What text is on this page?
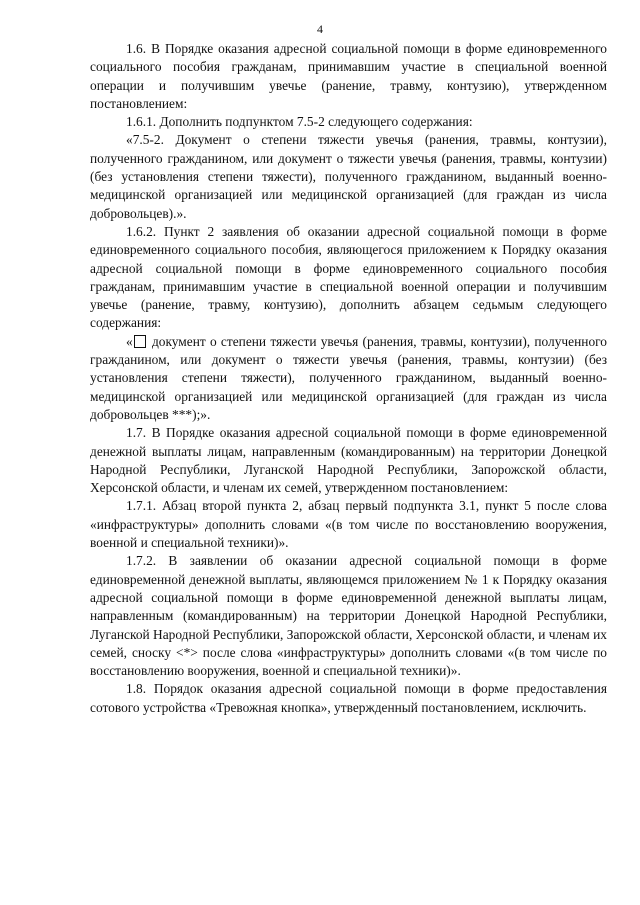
4

1.6. В Порядке оказания адресной социальной помощи в форме единовременного социального пособия гражданам, принимавшим участие в специальной военной операции и получившим увечье (ранение, травму, контузию), утвержденном постановлением:

1.6.1. Дополнить подпунктом 7.5-2 следующего содержания:

«7.5-2. Документ о степени тяжести увечья (ранения, травмы, контузии), полученного гражданином, или документ о тяжести увечья (ранения, травмы, контузии) (без установления степени тяжести), полученного гражданином, выданный военно-медицинской организацией или медицинской организацией (для граждан из числа добровольцев).».

1.6.2. Пункт 2 заявления об оказании адресной социальной помощи в форме единовременного социального пособия, являющегося приложением к Порядку оказания адресной социальной помощи в форме единовременного социального пособия гражданам, принимавшим участие в специальной военной операции и получившим увечье (ранение, травму, контузию), дополнить абзацем седьмым следующего содержания:

« документ о степени тяжести увечья (ранения, травмы, контузии), полученного гражданином, или документ о тяжести увечья (ранения, травмы, контузии) (без установления степени тяжести), полученного гражданином, выданный военно-медицинской организацией или медицинской организацией (для граждан из числа добровольцев ***);».

1.7. В Порядке оказания адресной социальной помощи в форме единовременной денежной выплаты лицам, направленным (командированным) на территории Донецкой Народной Республики, Луганской Народной Республики, Запорожской области, Херсонской области, и членам их семей, утвержденном постановлением:

1.7.1. Абзац второй пункта 2, абзац первый подпункта 3.1, пункт 5 после слова «инфраструктуры» дополнить словами «(в том числе по восстановлению вооружения, военной и специальной техники)».

1.7.2. В заявлении об оказании адресной социальной помощи в форме единовременной денежной выплаты, являющемся приложением № 1 к Порядку оказания адресной социальной помощи в форме единовременной денежной выплаты лицам, направленным (командированным) на территории Донецкой Народной Республики, Луганской Народной Республики, Запорожской области, Херсонской области, и членам их семей, сноску <*> после слова «инфраструктуры» дополнить словами «(в том числе по восстановлению вооружения, военной и специальной техники)».

1.8. Порядок оказания адресной социальной помощи в форме предоставления сотового устройства «Тревожная кнопка», утвержденный постановлением, исключить.
